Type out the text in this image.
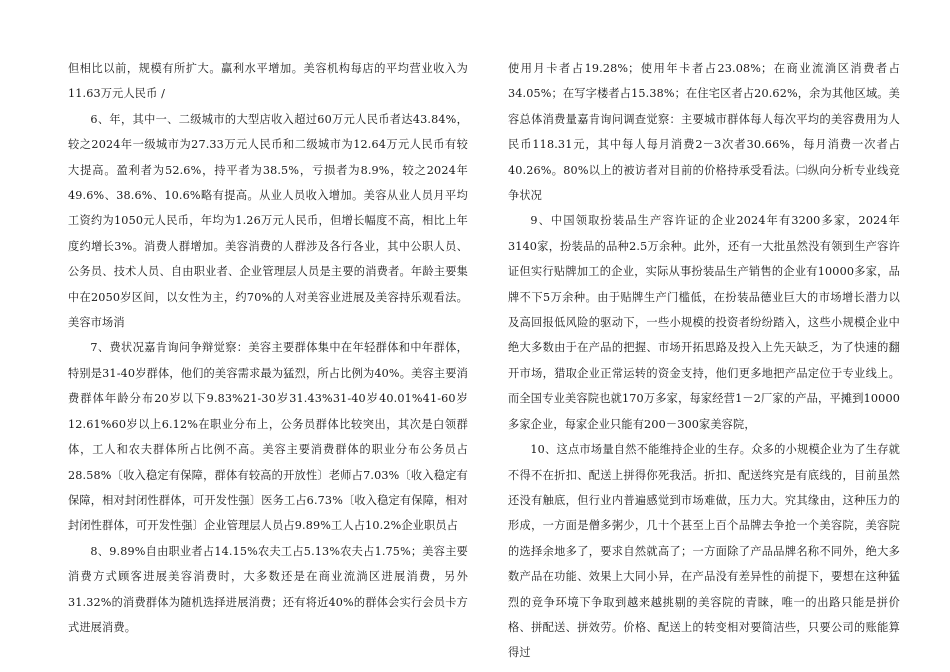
但相比以前，规模有所扩大。赢利水平增加。美容机构每店的平均营业收入为11.63万元人民币 /

6、年，其中一、二级城市的大型店收入超过60万元人民币者达43.84%，较之2024年一级城市为27.33万元人民币和二级城市为12.64万元人民币有较大提高。盈利者为52.6%，持平者为38.5%，亏损者为8.9%，较之2024年49.6%、38.6%、10.6%略有提高。从业人员收入增加。美容从业人员月平均工资约为1050元人民币，年均为1.26万元人民币，但增长幅度不高，相比上年度约增长3%。消费人群增加。美容消费的人群涉及各行各业，其中公职人员、公务员、技术人员、自由职业者、企业管理层人员是主要的消费者。年龄主要集中在2050岁区间，以女性为主，约70%的人对美容业进展及美容持乐观看法。美容市场消

7、费状况嘉肯询问争辩觉察：美容主要群体集中在年轻群体和中年群体，特别是31-40岁群体，他们的美容需求最为猛烈，所占比例为40%。美容主要消费群体年龄分布20岁以下9.83%21-30岁31.43%31-40岁40.01%41-60岁12.61%60岁以上6.12%在职业分布上，公务员群体比较突出，其次是白领群体，工人和农夫群体所占比例不高。美容主要消费群体的职业分布公务员占28.58%〔收入稳定有保障，群体有较高的开放性〕老师占7.03%〔收入稳定有保障，相对封闭性群体，可开发性强〕医务工占6.73%〔收入稳定有保障，相对封闭性群体，可开发性强〕企业管理层人员占9.89%工人占10.2%企业职员占

8、9.89%自由职业者占14.15%农夫工占5.13%农夫占1.75%；美容主要消费方式顾客进展美容消费时，大多数还是在商业流淌区进展消费，另外31.32%的消费群体为随机选择进展消费；还有将近40%的群体会实行会员卡方式进展消费。

使用月卡者占19.28%；使用年卡者占23.08%；在商业流淌区消费者占34.05%；在写字楼者占15.38%；在住宅区者占20.62%，余为其他区域。美容总体消费量嘉肯询问调查觉察：主要城市群体每人每次平均的美容费用为人民币118.31元，其中每人每月消费2－3次者30.66%，每月消费一次者占40.26%。80%以上的被访者对目前的价格持承受看法。㈡纵向分析专业线竞争状况

9、中国领取扮装品生产容许证的企业2024年有3200多家，2024年3140家，扮装品的品种2.5万余种。此外，还有一大批虽然没有领到生产容许证但实行贴牌加工的企业，实际从事扮装品生产销售的企业有10000多家，品牌不下5万余种。由于贴牌生产门槛低，在扮装品德业巨大的市场增长潜力以及高回报低风险的驱动下，一些小规模的投资者纷纷踏入，这些小规模企业中绝大多数由于在产品的把握、市场开拓思路及投入上先天缺乏，为了快速的翻开市场，猎取企业正常运转的资金支持，他们更多地把产品定位于专业线上。而全国专业美容院也就170万多家，每家经营1－2厂家的产品，平摊到10000多家企业，每家企业只能有200－300家美容院，

10、这点市场量自然不能维持企业的生存。众多的小规模企业为了生存就不得不在折扣、配送上拼得你死我活。折扣、配送终究是有底线的，目前虽然还没有触底，但行业内普遍感觉到市场难做，压力大。究其缘由，这种压力的形成，一方面是僧多粥少，几十个甚至上百个品牌去争抢一个美容院，美容院的选择余地多了，要求自然就高了；一方面除了产品品牌名称不同外，绝大多数产品在功能、效果上大同小异，在产品没有差异性的前提下，要想在这种猛烈的竞争环境下争取到越来越挑剔的美容院的青睐，唯一的出路只能是拼价格、拼配送、拼效劳。价格、配送上的转变相对要简洁些，只要公司的账能算得过
